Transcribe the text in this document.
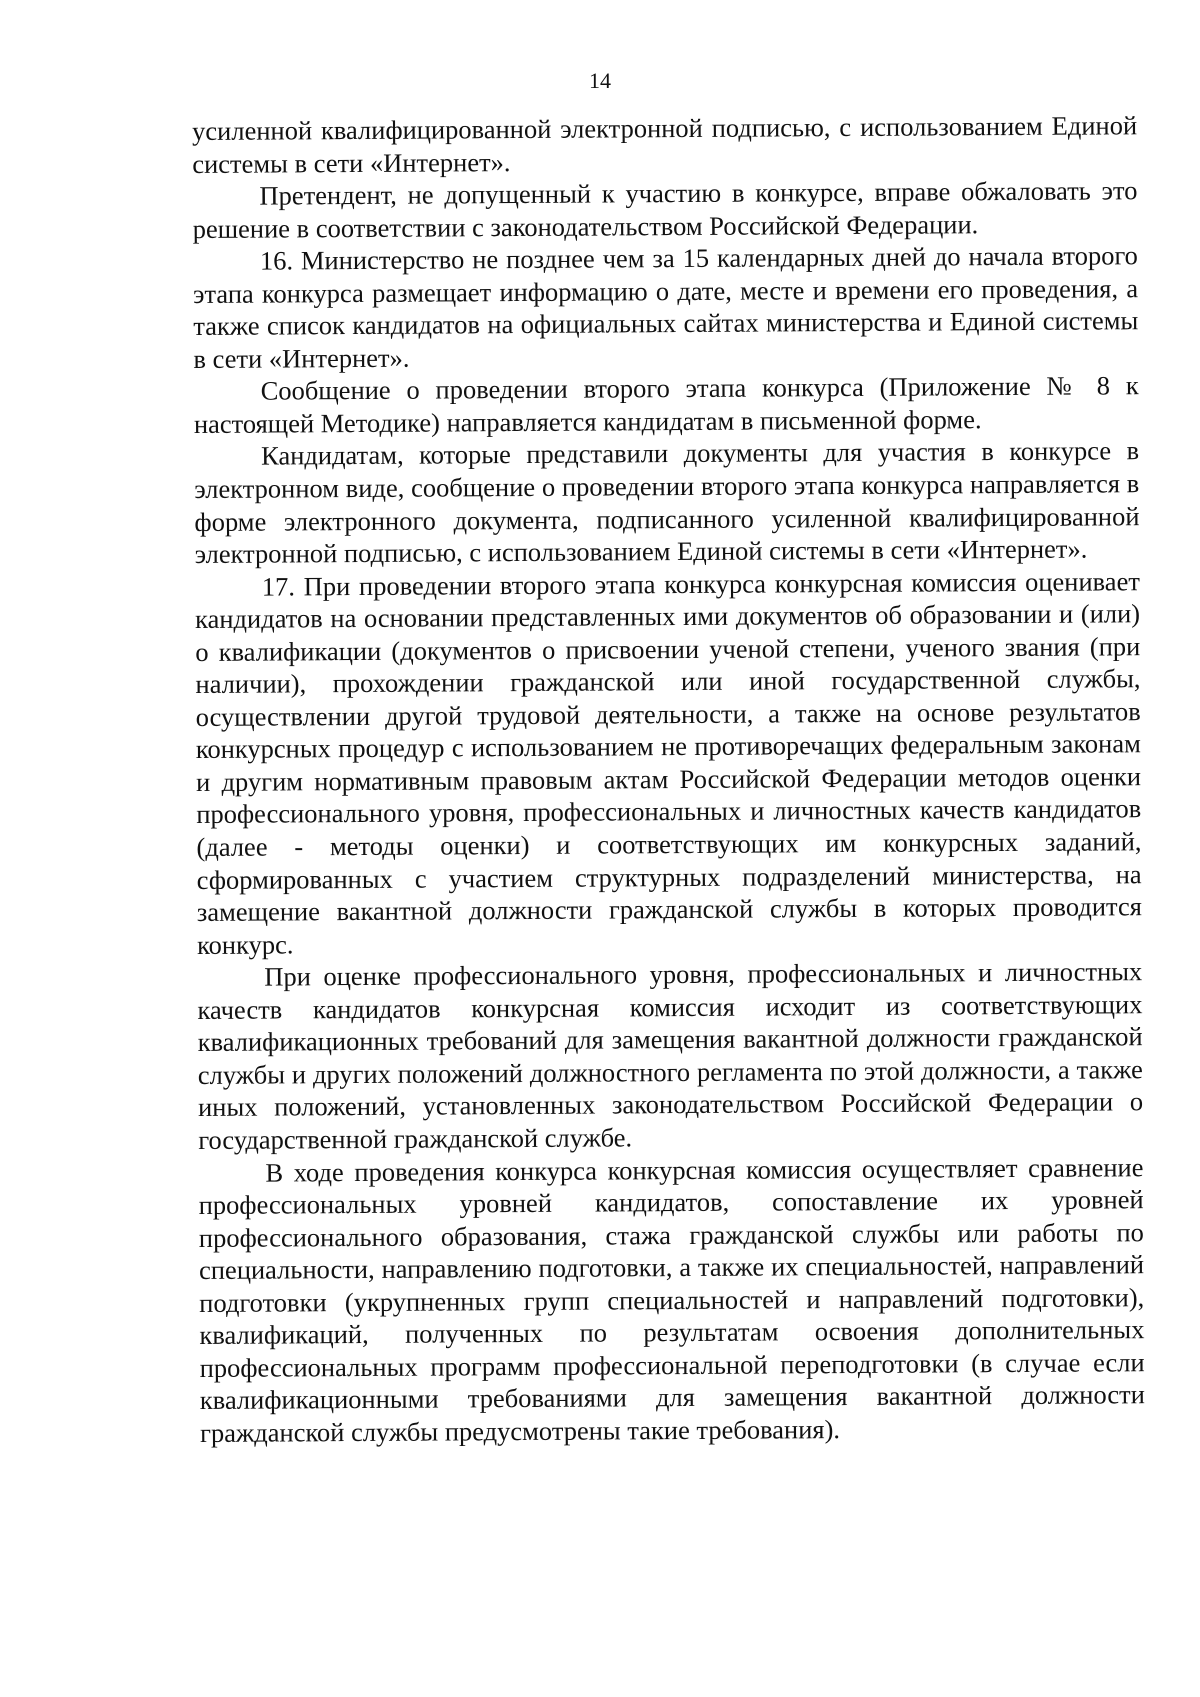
14

усиленной квалифицированной электронной подписью, с использованием Единой системы в сети «Интернет».

Претендент, не допущенный к участию в конкурсе, вправе обжаловать это решение в соответствии с законодательством Российской Федерации.

16. Министерство не позднее чем за 15 календарных дней до начала второго этапа конкурса размещает информацию о дате, месте и времени его проведения, а также список кандидатов на официальных сайтах министерства и Единой системы в сети «Интернет».

Сообщение о проведении второго этапа конкурса (Приложение № 8 к настоящей Методике) направляется кандидатам в письменной форме.

Кандидатам, которые представили документы для участия в конкурсе в электронном виде, сообщение о проведении второго этапа конкурса направляется в форме электронного документа, подписанного усиленной квалифицированной электронной подписью, с использованием Единой системы в сети «Интернет».

17. При проведении второго этапа конкурса конкурсная комиссия оценивает кандидатов на основании представленных ими документов об образовании и (или) о квалификации (документов о присвоении ученой степени, ученого звания (при наличии), прохождении гражданской или иной государственной службы, осуществлении другой трудовой деятельности, а также на основе результатов конкурсных процедур с использованием не противоречащих федеральным законам и другим нормативным правовым актам Российской Федерации методов оценки профессионального уровня, профессиональных и личностных качеств кандидатов (далее - методы оценки) и соответствующих им конкурсных заданий, сформированных с участием структурных подразделений министерства, на замещение вакантной должности гражданской службы в которых проводится конкурс.

При оценке профессионального уровня, профессиональных и личностных качеств кандидатов конкурсная комиссия исходит из соответствующих квалификационных требований для замещения вакантной должности гражданской службы и других положений должностного регламента по этой должности, а также иных положений, установленных законодательством Российской Федерации о государственной гражданской службе.

В ходе проведения конкурса конкурсная комиссия осуществляет сравнение профессиональных уровней кандидатов, сопоставление их уровней профессионального образования, стажа гражданской службы или работы по специальности, направлению подготовки, а также их специальностей, направлений подготовки (укрупненных групп специальностей и направлений подготовки), квалификаций, полученных по результатам освоения дополнительных профессиональных программ профессиональной переподготовки (в случае если квалификационными требованиями для замещения вакантной должности гражданской службы предусмотрены такие требования).
